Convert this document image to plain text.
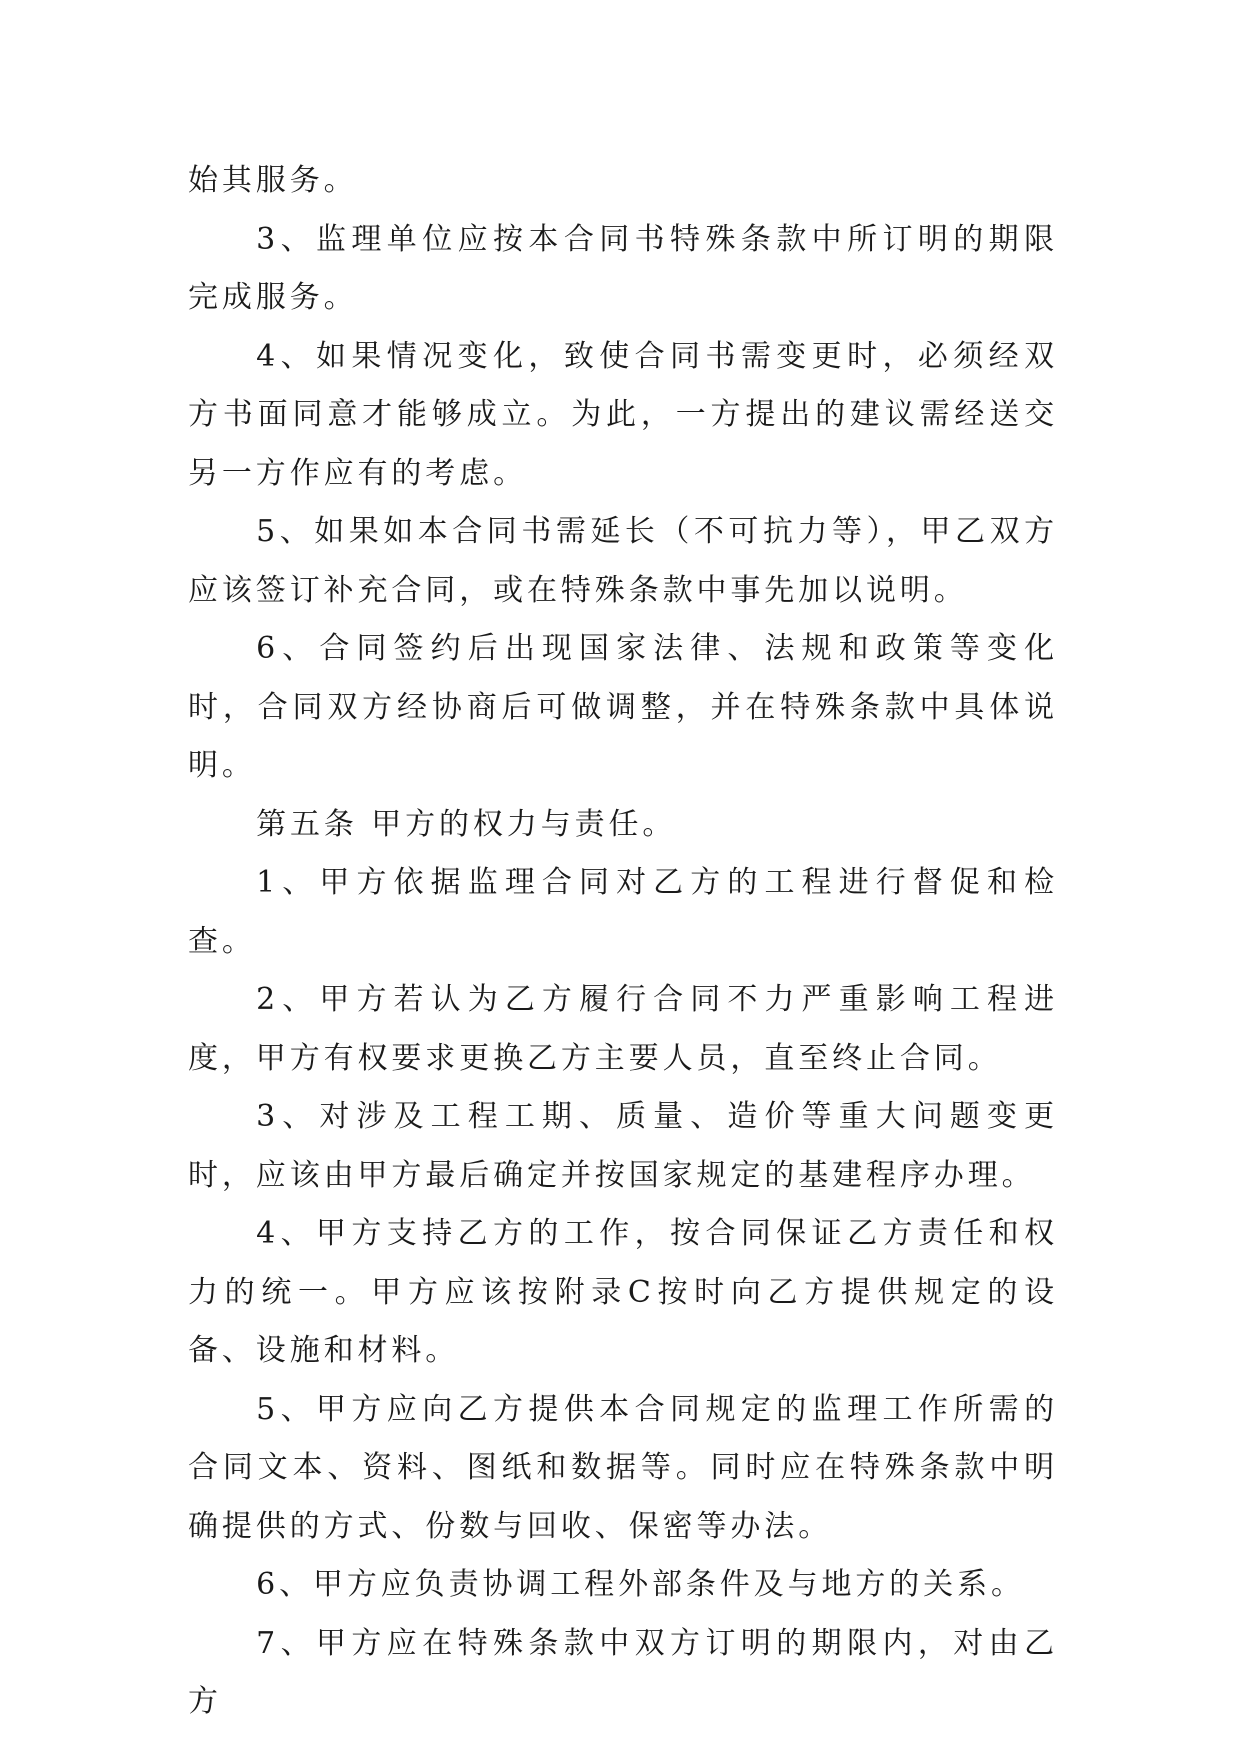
始其服务。

3、监理单位应按本合同书特殊条款中所订明的期限完成服务。

4、如果情况变化，致使合同书需变更时，必须经双方书面同意才能够成立。为此，一方提出的建议需经送交另一方作应有的考虑。

5、如果如本合同书需延长（不可抗力等），甲乙双方应该签订补充合同，或在特殊条款中事先加以说明。

6、合同签约后出现国家法律、法规和政策等变化时，合同双方经协商后可做调整，并在特殊条款中具体说明。

第五条 甲方的权力与责任。

1、甲方依据监理合同对乙方的工程进行督促和检查。

2、甲方若认为乙方履行合同不力严重影响工程进度，甲方有权要求更换乙方主要人员，直至终止合同。

3、对涉及工程工期、质量、造价等重大问题变更时，应该由甲方最后确定并按国家规定的基建程序办理。

4、甲方支持乙方的工作，按合同保证乙方责任和权力的统一。甲方应该按附录C按时向乙方提供规定的设备、设施和材料。

5、甲方应向乙方提供本合同规定的监理工作所需的合同文本、资料、图纸和数据等。同时应在特殊条款中明确提供的方式、份数与回收、保密等办法。

6、甲方应负责协调工程外部条件及与地方的关系。

7、甲方应在特殊条款中双方订明的期限内，对由乙方
